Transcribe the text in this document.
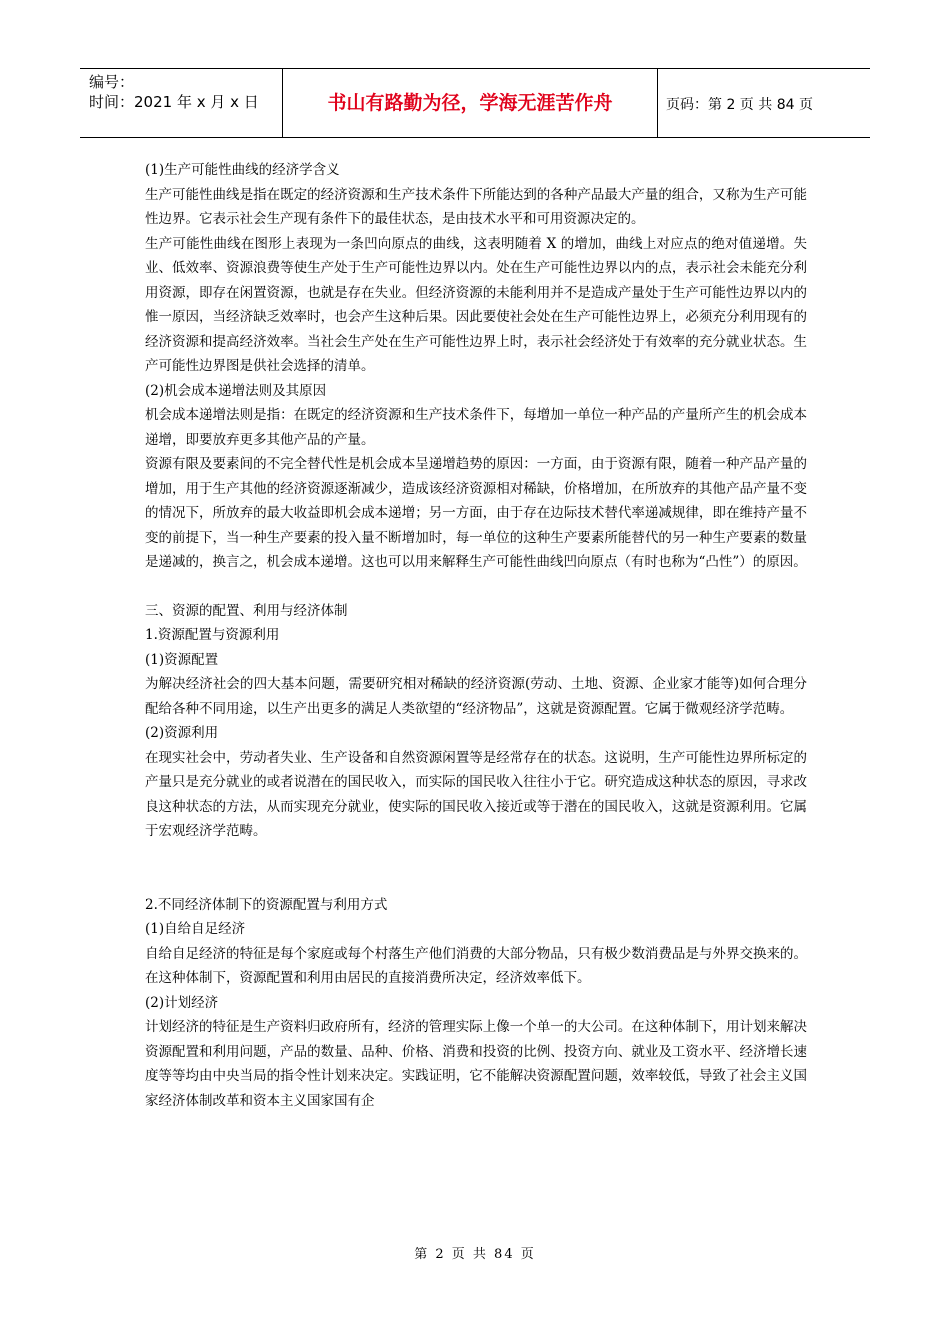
编号：
时间：2021 年 x 月 x 日	书山有路勤为径，学海无涯苦作舟	页码：第 2 页 共 84 页

(1)生产可能性曲线的经济学含义

生产可能性曲线是指在既定的经济资源和生产技术条件下所能达到的各种产品最大产量的组合，又称为生产可能性边界。它表示社会生产现有条件下的最佳状态，是由技术水平和可用资源决定的。

生产可能性曲线在图形上表现为一条凹向原点的曲线，这表明随着 X 的增加，曲线上对应点的绝对值递增。失业、低效率、资源浪费等使生产处于生产可能性边界以内。处在生产可能性边界以内的点，表示社会未能充分利用资源，即存在闲置资源，也就是存在失业。但经济资源的未能利用并不是造成产量处于生产可能性边界以内的惟一原因，当经济缺乏效率时，也会产生这种后果。因此要使社会处在生产可能性边界上，必须充分利用现有的经济资源和提高经济效率。当社会生产处在生产可能性边界上时，表示社会经济处于有效率的充分就业状态。生产可能性边界图是供社会选择的清单。

(2)机会成本递增法则及其原因

机会成本递增法则是指：在既定的经济资源和生产技术条件下，每增加一单位一种产品的产量所产生的机会成本递增，即要放弃更多其他产品的产量。

资源有限及要素间的不完全替代性是机会成本呈递增趋势的原因：一方面，由于资源有限，随着一种产品产量的增加，用于生产其他的经济资源逐渐减少，造成该经济资源相对稀缺，价格增加，在所放弃的其他产品产量不变的情况下，所放弃的最大收益即机会成本递增；另一方面，由于存在边际技术替代率递减规律，即在维持产量不变的前提下，当一种生产要素的投入量不断增加时，每一单位的这种生产要素所能替代的另一种生产要素的数量是递减的，换言之，机会成本递增。这也可以用来解释生产可能性曲线凹向原点（有时也称为“凸性”）的原因。

三、资源的配置、利用与经济体制

1.资源配置与资源利用

(1)资源配置

为解决经济社会的四大基本问题，需要研究相对稀缺的经济资源(劳动、土地、资源、企业家才能等)如何合理分配给各种不同用途，以生产出更多的满足人类欲望的“经济物品”，这就是资源配置。它属于微观经济学范畴。

(2)资源利用

在现实社会中，劳动者失业、生产设备和自然资源闲置等是经常存在的状态。这说明，生产可能性边界所标定的产量只是充分就业的或者说潜在的国民收入，而实际的国民收入往往小于它。研究造成这种状态的原因，寻求改良这种状态的方法，从而实现充分就业，使实际的国民收入接近或等于潜在的国民收入，这就是资源利用。它属于宏观经济学范畴。

2.不同经济体制下的资源配置与利用方式

(1)自给自足经济

自给自足经济的特征是每个家庭或每个村落生产他们消费的大部分物品，只有极少数消费品是与外界交换来的。在这种体制下，资源配置和利用由居民的直接消费所决定，经济效率低下。

(2)计划经济

计划经济的特征是生产资料归政府所有，经济的管理实际上像一个单一的大公司。在这种体制下，用计划来解决资源配置和利用问题，产品的数量、品种、价格、消费和投资的比例、投资方向、就业及工资水平、经济增长速度等等均由中央当局的指令性计划来决定。实践证明，它不能解决资源配置问题，效率较低，导致了社会主义国家经济体制改革和资本主义国家国有企

第 2 页 共 84 页
